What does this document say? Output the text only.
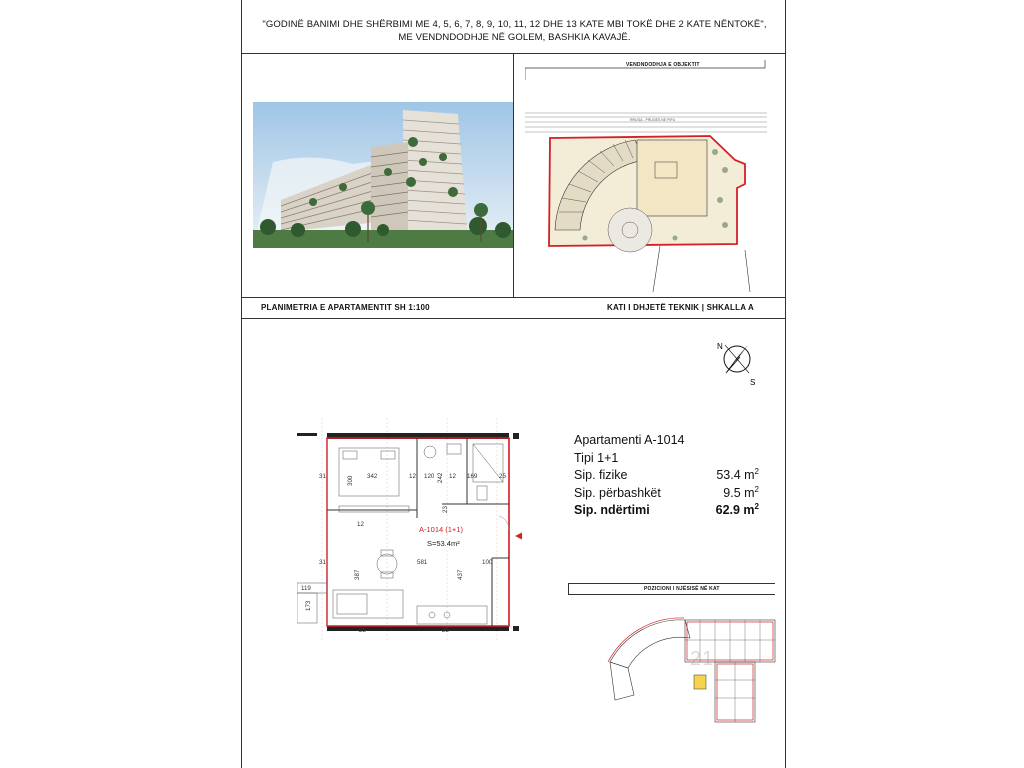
"GODINË BANIMI DHE SHËRBIMI ME 4, 5, 6, 7, 8, 9, 10, 11, 12 DHE 13 KATE MBI TOKË DHE 2 KATE NËNTOKË",
ME VENDNDODHJE NË GOLEM, BASHKIA KAVAJË.
VENDNDODHJA E OBJEKTIT
RRUGA - PRUGES NE PIFU
PLANIMETRIA E APARTAMENTIT SH 1:100	KATI I DHJETË TEKNIK | SHKALLA A
N
S
A-1014 (1+1)
S=53.4m²
342	120
12	169	25
300
31	242 12
23
581
387	437
100
31
119
173
25	25
12
Apartamenti A-1014
Tipi 1+1
Sip. fizike	53.4 $m^2$
Sip. përbashkët	9.5 $m^2$
Sip. ndërtimi	62.9 $m^2$
POZICIONI I NJËSISË NË KAT
21
